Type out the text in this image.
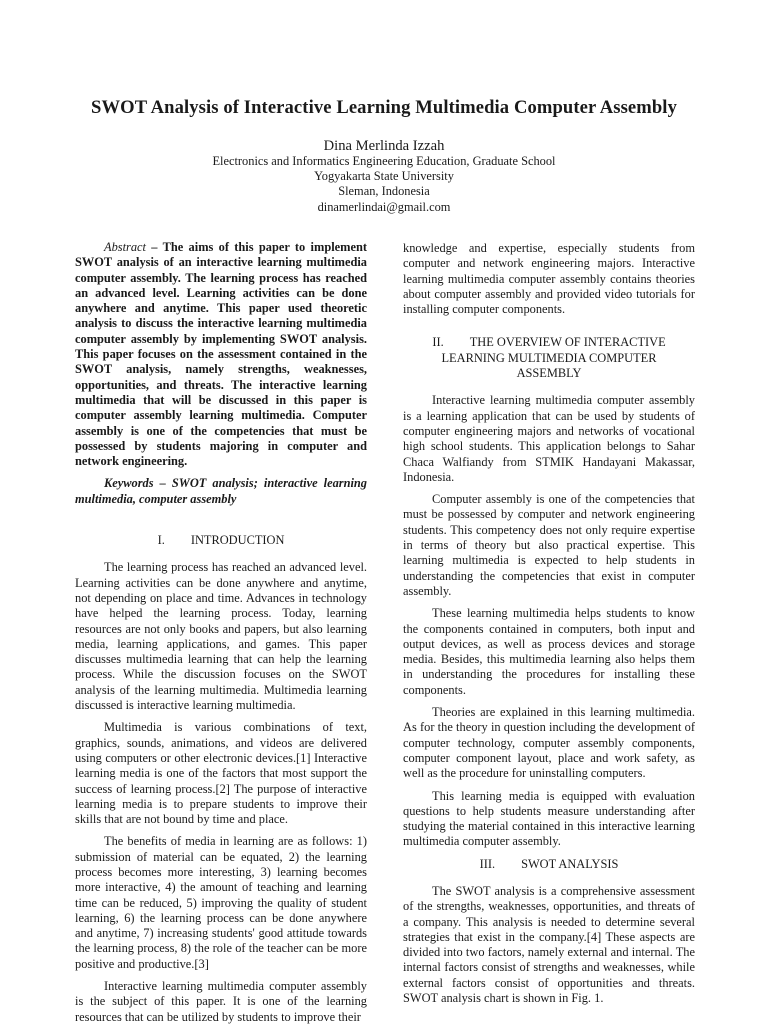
SWOT Analysis of Interactive Learning Multimedia Computer Assembly
Dina Merlinda Izzah
Electronics and Informatics Engineering Education, Graduate School
Yogyakarta State University
Sleman, Indonesia
dinamerlindai@gmail.com

Abstract – The aims of this paper to implement SWOT analysis of an interactive learning multimedia computer assembly. The learning process has reached an advanced level. Learning activities can be done anywhere and anytime. This paper used theoretic analysis to discuss the interactive learning multimedia computer assembly by implementing SWOT analysis. This paper focuses on the assessment contained in the SWOT analysis, namely strengths, weaknesses, opportunities, and threats. The interactive learning multimedia that will be discussed in this paper is computer assembly learning multimedia. Computer assembly is one of the competencies that must be possessed by students majoring in computer and network engineering.

Keywords – SWOT analysis; interactive learning multimedia, computer assembly

I. INTRODUCTION

The learning process has reached an advanced level. Learning activities can be done anywhere and anytime, not depending on place and time. Advances in technology have helped the learning process. Today, learning resources are not only books and papers, but also learning media, learning applications, and games. This paper discusses multimedia learning that can help the learning process. While the discussion focuses on the SWOT analysis of the learning multimedia. Multimedia learning discussed is interactive learning multimedia.

Multimedia is various combinations of text, graphics, sounds, animations, and videos are delivered using computers or other electronic devices.[1] Interactive learning media is one of the factors that most support the success of learning process.[2] The purpose of interactive learning media is to prepare students to improve their skills that are not bound by time and place.

The benefits of media in learning are as follows: 1) submission of material can be equated, 2) the learning process becomes more interesting, 3) learning becomes more interactive, 4) the amount of teaching and learning time can be reduced, 5) improving the quality of student learning, 6) the learning process can be done anywhere and anytime, 7) increasing students' good attitude towards the learning process, 8) the role of the teacher can be more positive and productive.[3]

Interactive learning multimedia computer assembly is the subject of this paper. It is one of the learning resources that can be utilized by students to improve their

knowledge and expertise, especially students from computer and network engineering majors. Interactive learning multimedia computer assembly contains theories about computer assembly and provided video tutorials for installing computer components.

II. THE OVERVIEW OF INTERACTIVE
LEARNING MULTIMEDIA COMPUTER
ASSEMBLY

Interactive learning multimedia computer assembly is a learning application that can be used by students of computer engineering majors and networks of vocational high school students. This application belongs to Sahar Chaca Walfiandy from STMIK Handayani Makassar, Indonesia.

Computer assembly is one of the competencies that must be possessed by computer and network engineering students. This competency does not only require expertise in terms of theory but also practical expertise. This learning multimedia is expected to help students in understanding the competencies that exist in computer assembly.

These learning multimedia helps students to know the components contained in computers, both input and output devices, as well as process devices and storage media. Besides, this multimedia learning also helps them in understanding the procedures for installing these components.

Theories are explained in this learning multimedia. As for the theory in question including the development of computer technology, computer assembly components, computer component layout, place and work safety, as well as the procedure for uninstalling computers.

This learning media is equipped with evaluation questions to help students measure understanding after studying the material contained in this interactive learning multimedia computer assembly.

III. SWOT ANALYSIS

The SWOT analysis is a comprehensive assessment of the strengths, weaknesses, opportunities, and threats of a company. This analysis is needed to determine several strategies that exist in the company.[4] These aspects are divided into two factors, namely external and internal. The internal factors consist of strengths and weaknesses, while external factors consist of opportunities and threats. SWOT analysis chart is shown in Fig. 1.
